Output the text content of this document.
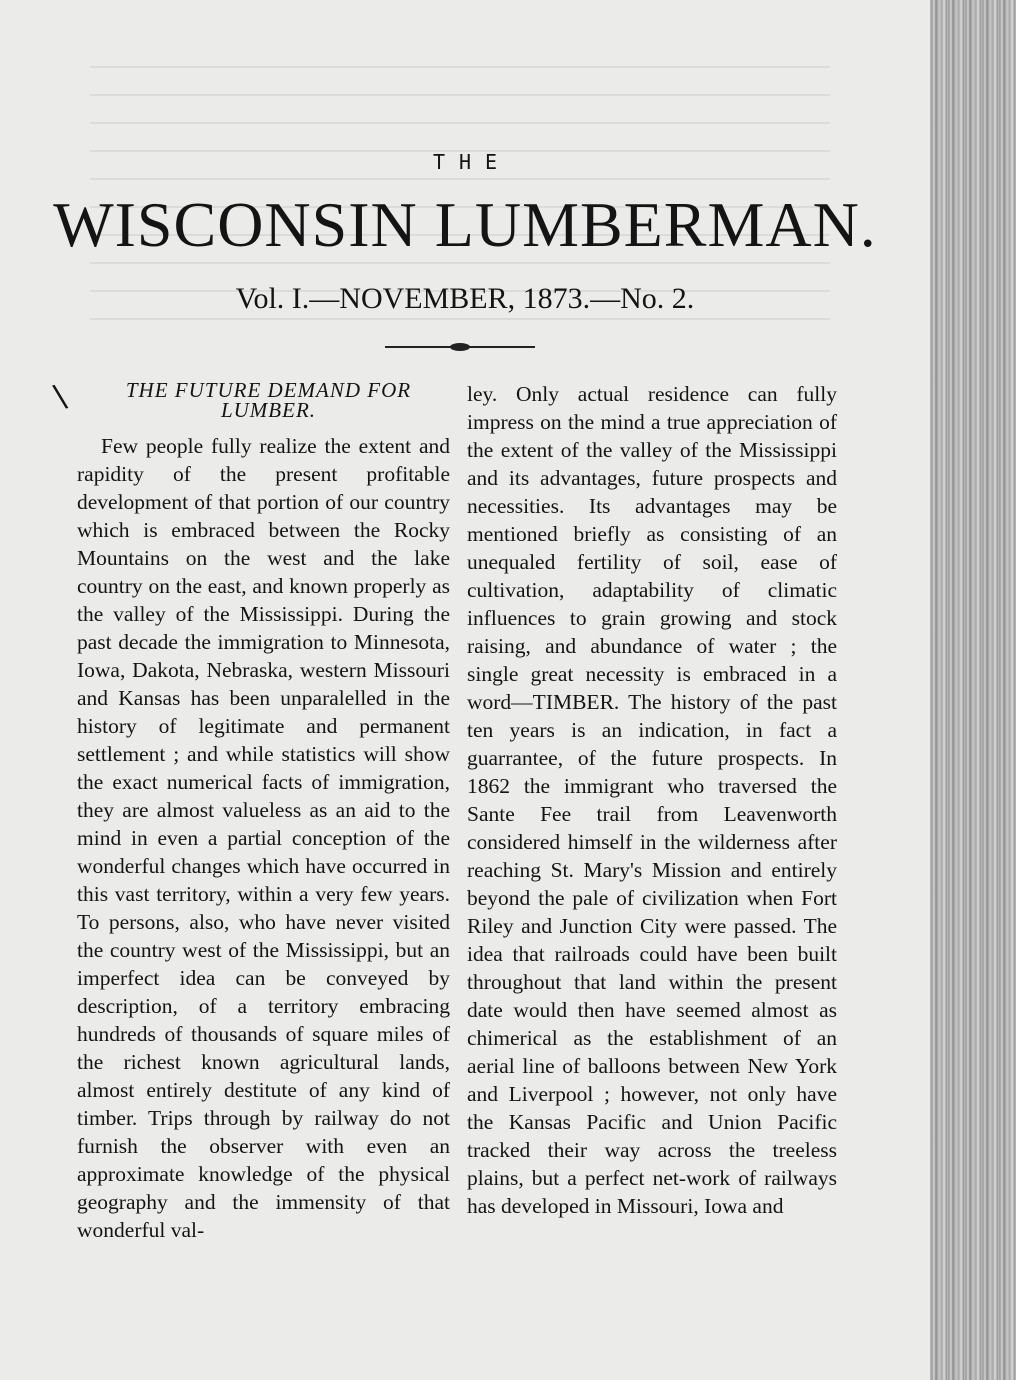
THE
WISCONSIN LUMBERMAN.
Vol. I.—NOVEMBER, 1873.—No. 2.
\	THE FUTURE DEMAND FOR
LUMBER.

Few people fully realize the extent and rapidity of the present profitable development of that portion of our country which is embraced between the Rocky Mountains on the west and the lake country on the east, and known properly as the valley of the Mississippi. During the past decade the immigration to Minnesota, Iowa, Dakota, Nebraska, western Missouri and Kansas has been unparalelled in the history of legitimate and permanent settlement ; and while statistics will show the exact numerical facts of immigration, they are almost valueless as an aid to the mind in even a partial conception of the wonderful changes which have occurred in this vast territory, within a very few years. To persons, also, who have never visited the country west of the Mississippi, but an imperfect idea can be conveyed by description, of a territory embracing hundreds of thousands of square miles of the richest known agricultural lands, almost entirely destitute of any kind of timber. Trips through by railway do not furnish the observer with even an approximate knowledge of the physical geography and the immensity of that wonderful val-

ley. Only actual residence can fully impress on the mind a true appreciation of the extent of the valley of the Mississippi and its advantages, future prospects and necessities. Its advantages may be mentioned briefly as consisting of an unequaled fertility of soil, ease of cultivation, adaptability of climatic influences to grain growing and stock raising, and abundance of water ; the single great necessity is embraced in a word—TIMBER. The history of the past ten years is an indication, in fact a guarrantee, of the future prospects. In 1862 the immigrant who traversed the Sante Fee trail from Leavenworth considered himself in the wilderness after reaching St. Mary's Mission and entirely beyond the pale of civilization when Fort Riley and Junction City were passed. The idea that railroads could have been built throughout that land within the present date would then have seemed almost as chimerical as the establishment of an aerial line of balloons between New York and Liverpool ; however, not only have the Kansas Pacific and Union Pacific tracked their way across the treeless plains, but a perfect net-work of railways has developed in Missouri, Iowa and
